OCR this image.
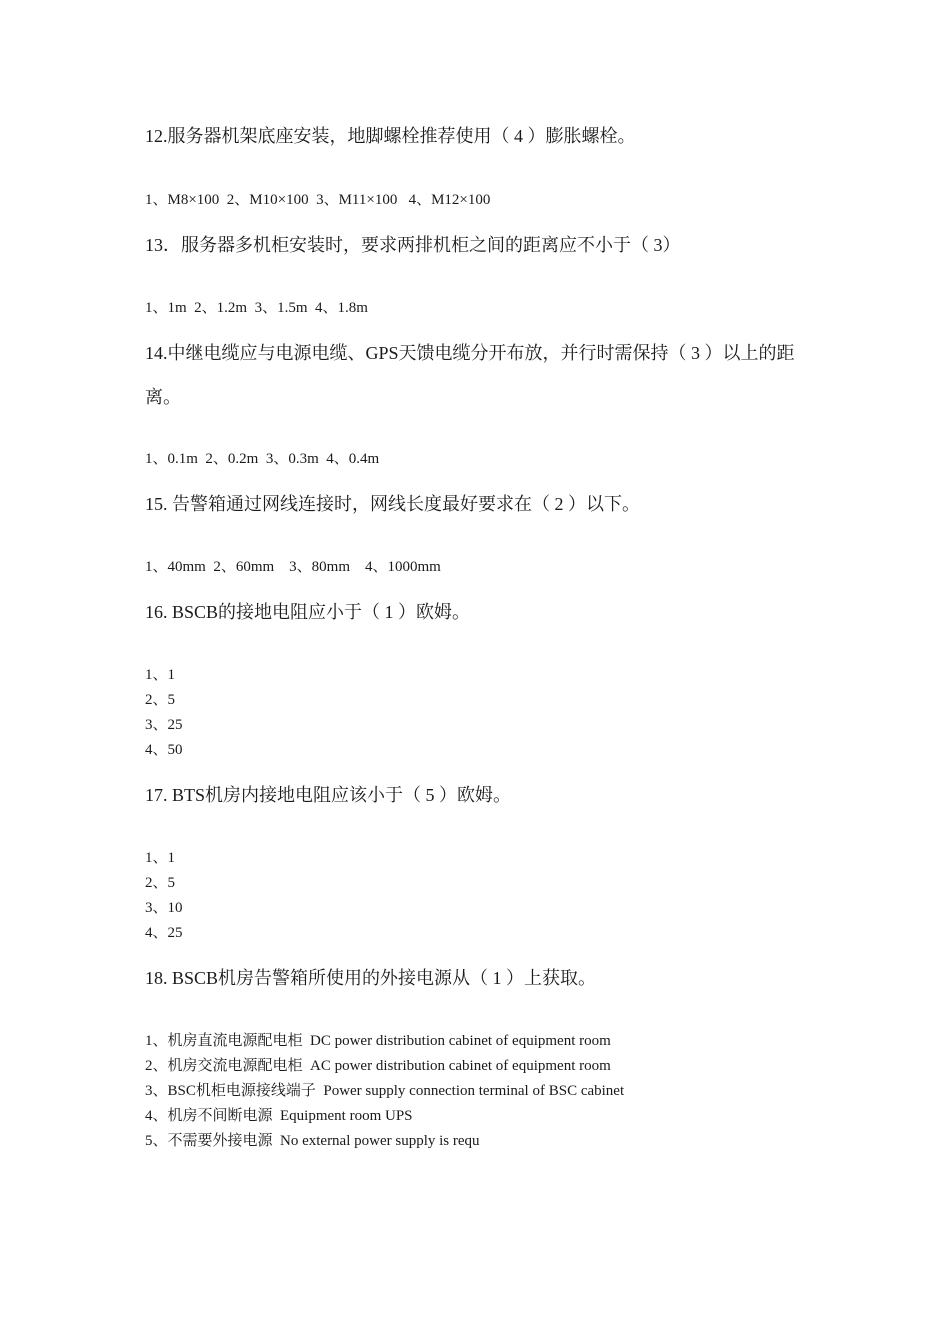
12.服务器机架底座安装，地脚螺栓推荐使用（ 4 ）膨胀螺栓。
1、M8×100  2、M10×100  3、M11×100   4、M12×100
13．服务器多机柜安装时，要求两排机柜之间的距离应不小于（ 3）
1、1m  2、1.2m  3、1.5m  4、1.8m
14.中继电缆应与电源电缆、GPS天馈电缆分开布放，并行时需保持（ 3 ）以上的距离。
1、0.1m  2、0.2m  3、0.3m  4、0.4m
15. 告警箱通过网线连接时，网线长度最好要求在（ 2 ）以下。
1、40mm  2、60mm    3、80mm    4、1000mm
16. BSCB的接地电阻应小于（ 1 ）欧姆。
1、1
2、5
3、25
4、50
17. BTS机房内接地电阻应该小于（ 5 ）欧姆。
1、1
2、5
3、10
4、25
18. BSCB机房告警箱所使用的外接电源从（ 1 ）上获取。
1、机房直流电源配电柜  DC power distribution cabinet of equipment room
2、机房交流电源配电柜  AC power distribution cabinet of equipment room
3、BSC机柜电源接线端子  Power supply connection terminal of BSC cabinet
4、机房不间断电源  Equipment room UPS
5、不需要外接电源  No external power supply is requ
